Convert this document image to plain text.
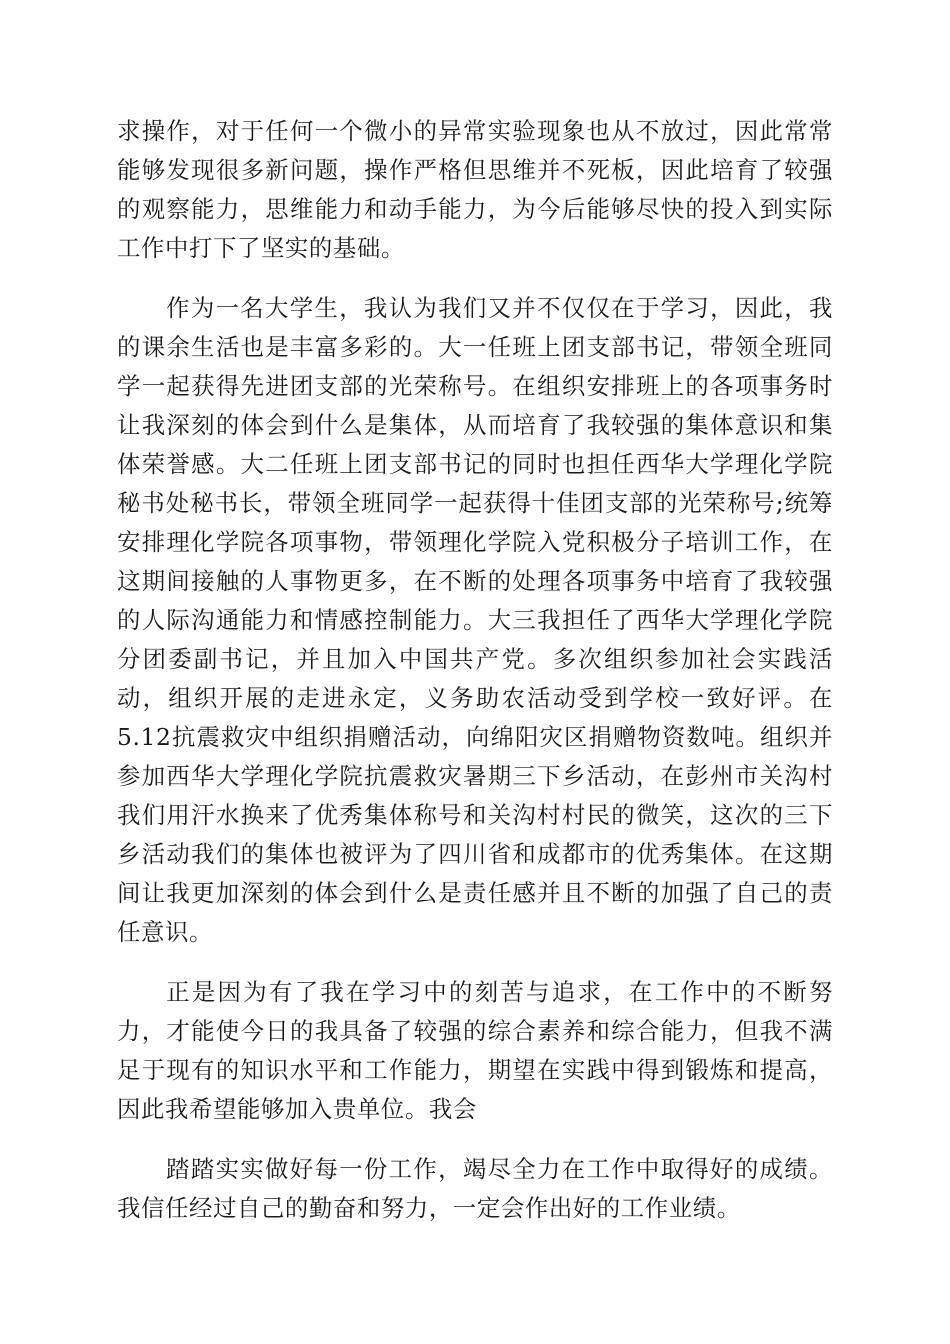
求操作，对于任何一个微小的异常实验现象也从不放过，因此常常能够发现很多新问题，操作严格但思维并不死板，因此培育了较强的观察能力，思维能力和动手能力，为今后能够尽快的投入到实际工作中打下了坚实的基础。

作为一名大学生，我认为我们又并不仅仅在于学习，因此，我的课余生活也是丰富多彩的。大一任班上团支部书记，带领全班同学一起获得先进团支部的光荣称号。在组织安排班上的各项事务时让我深刻的体会到什么是集体，从而培育了我较强的集体意识和集体荣誉感。大二任班上团支部书记的同时也担任西华大学理化学院秘书处秘书长，带领全班同学一起获得十佳团支部的光荣称号;统筹安排理化学院各项事物，带领理化学院入党积极分子培训工作，在这期间接触的人事物更多，在不断的处理各项事务中培育了我较强的人际沟通能力和情感控制能力。大三我担任了西华大学理化学院分团委副书记，并且加入中国共产党。多次组织参加社会实践活动，组织开展的走进永定，义务助农活动受到学校一致好评。在5.12抗震救灾中组织捐赠活动，向绵阳灾区捐赠物资数吨。组织并参加西华大学理化学院抗震救灾暑期三下乡活动，在彭州市关沟村我们用汗水换来了优秀集体称号和关沟村村民的微笑，这次的三下乡活动我们的集体也被评为了四川省和成都市的优秀集体。在这期间让我更加深刻的体会到什么是责任感并且不断的加强了自己的责任意识。

正是因为有了我在学习中的刻苦与追求，在工作中的不断努力，才能使今日的我具备了较强的综合素养和综合能力，但我不满足于现有的知识水平和工作能力，期望在实践中得到锻炼和提高，因此我希望能够加入贵单位。我会

踏踏实实做好每一份工作，竭尽全力在工作中取得好的成绩。我信任经过自己的勤奋和努力，一定会作出好的工作业绩。
